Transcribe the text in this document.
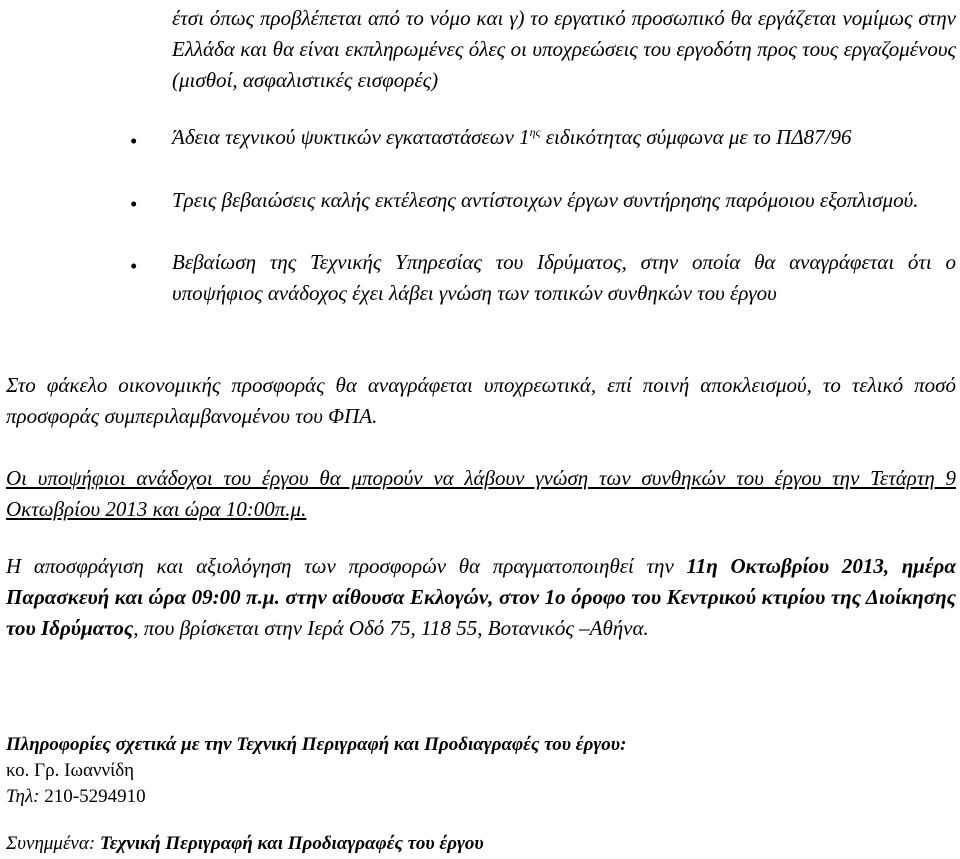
έτσι όπως προβλέπεται από το νόμο και γ) το εργατικό προσωπικό θα εργάζεται νομίμως στην Ελλάδα και θα είναι εκπληρωμένες όλες οι υποχρεώσεις του εργοδότη προς τους εργαζομένους (μισθοί, ασφαλιστικές εισφορές)
•	Άδεια τεχνικού ψυκτικών εγκαταστάσεων $1^{\eta\varsigma}$ ειδικότητας σύμφωνα με το ΠΔ87/96
•	Τρεις βεβαιώσεις καλής εκτέλεσης αντίστοιχων έργων συντήρησης παρόμοιου εξοπλισμού.
•	Βεβαίωση της Τεχνικής Υπηρεσίας του Ιδρύματος, στην οποία θα αναγράφεται ότι ο υποψήφιος ανάδοχος έχει λάβει γνώση των τοπικών συνθηκών του έργου
Στο φάκελο οικονομικής προσφοράς θα αναγράφεται υποχρεωτικά, επί ποινή αποκλεισμού, το τελικό ποσό προσφοράς συμπεριλαμβανομένου του ΦΠΑ.
Οι υποψήφιοι ανάδοχοι του έργου θα μπορούν να λάβουν γνώση των συνθηκών του έργου την Τετάρτη 9 Οκτωβρίου 2013 και ώρα 10:00π.μ.
Η αποσφράγιση και αξιολόγηση των προσφορών θα πραγματοποιηθεί την 11η Οκτωβρίου 2013, ημέρα Παρασκευή και ώρα 09:00 π.μ. στην αίθουσα Εκλογών, στον 1ο όροφο του Κεντρικού κτιρίου της Διοίκησης του Ιδρύματος, που βρίσκεται στην Ιερά Οδό 75, 118 55, Βοτανικός –Αθήνα.
Πληροφορίες σχετικά με την Τεχνική Περιγραφή και Προδιαγραφές του έργου:
κο. Γρ. Ιωαννίδη
Τηλ: 210-5294910
Συνημμένα: Τεχνική Περιγραφή και Προδιαγραφές του έργου
